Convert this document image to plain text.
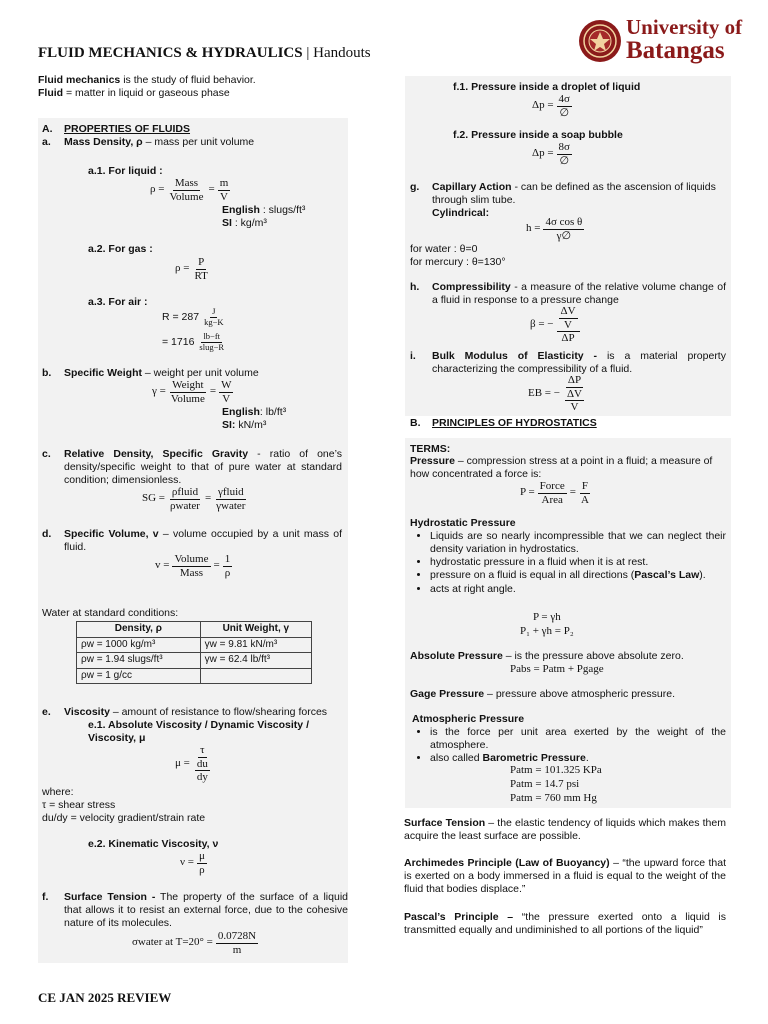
FLUID MECHANICS & HYDRAULICS | Handouts
University of
Batangas
Fluid mechanics is the study of fluid behavior.
Fluid = matter in liquid or gaseous phase
A.	PROPERTIES OF FLUIDS
a.	Mass Density, ρ – mass per unit volume
a.1. For liquid :
$\rho = \frac{\text{Mass}}{\text{Volume}} = \frac{m}{V}$
English : slugs/ft³
SI : kg/m³
a.2. For gas :
$\rho = \frac{P}{RT}$
a.3. For air :
$R = 287 \frac{J}{kg-K}$
= $1716 \frac{lb-ft}{\text{slug−R}}$
b.	Specific Weight – weight per unit volume
$\gamma = \frac{\text{Weight}}{\text{Volume}} = \frac{W}{V}$
English: lb/ft³
SI: kN/m³
c.	Relative Density, Specific Gravity - ratio of one’s density/specific weight to that of pure water at standard condition; dimensionless.
SG = $\frac{\text{ρfluid}}{\text{ρwater}} = \frac{\text{γfluid}}{\text{γwater}}$
d.	Specific Volume, v – volume occupied by a unit mass of fluid.
$v = \frac{\text{Volume}}{\text{Mass}} = \frac{1}{\rho}$
Water at standard conditions:
Density, ρ	Unit Weight, γ
ρw = 1000 kg/m³	γw = 9.81 kN/m³
ρw = 1.94 slugs/ft³	γw = 62.4 lb/ft³
ρw = 1 g/cc	
e.	Viscosity – amount of resistance to flow/shearing forces
e.1. Absolute Viscosity / Dynamic Viscosity / Viscosity, μ
$\mu = \frac{\tau}{\frac{du}{dy}}$
where:
τ = shear stress
du/dy = velocity gradient/strain rate
e.2. Kinematic Viscosity, ν
$\nu = \frac{\mu}{\rho}$
f.	Surface Tension - The property of the surface of a liquid that allows it to resist an external force, due to the cohesive nature of its molecules.
σwater at $T=20^\circ = \frac{0.0728N}{m}$
CE JAN 2025 REVIEW
f.1. Pressure inside a droplet of liquid
$\Delta p = \frac{4\sigma}{\emptyset}$
f.2. Pressure inside a soap bubble
$\Delta p = \frac{8\sigma}{\emptyset}$
g.	Capillary Action - can be defined as the ascension of liquids through slim tube.
Cylindrical:
$h = \frac{\text{4σ cos θ}}{\gamma\emptyset}$
for water : θ=0
for mercury : θ=130°
h.	Compressibility - a measure of the relative volume change of a fluid in response to a pressure change
β = − $\frac{\frac{\Delta V}{V}}{\Delta P}$
i.	Bulk Modulus of Elasticity - is a material property characterizing the compressibility of a fluid.
EB = − $\frac{\Delta P}{\frac{\Delta V}{V}}$
B.	PRINCIPLES OF HYDROSTATICS
TERMS:
Pressure – compression stress at a point in a fluid; a measure of how concentrated a force is:
$P = \frac{\text{Force}}{\text{Area}} = \frac{F}{A}$
Hydrostatic Pressure
• Liquids are so nearly incompressible that we can neglect their density variation in hydrostatics.
• hydrostatic pressure in a fluid when it is at rest.
• pressure on a fluid is equal in all directions (Pascal’s Law).
• acts at right angle.
P = γh
P₁ + γh = P₂
Absolute Pressure – is the pressure above absolute zero.
Pabs = Patm + Pgage
Gage Pressure – pressure above atmospheric pressure.
Atmospheric Pressure
• is the force per unit area exerted by the weight of the atmosphere.
• also called Barometric Pressure.
Patm = 101.325 KPa
Patm = 14.7 psi
Patm = 760 mm Hg
Surface Tension – the elastic tendency of liquids which makes them acquire the least surface are possible.
Archimedes Principle (Law of Buoyancy) – “the upward force that is exerted on a body immersed in a fluid is equal to the weight of the fluid that bodies displace.”
Pascal’s Principle – “the pressure exerted onto a liquid is transmitted equally and undiminished to all portions of the liquid”
